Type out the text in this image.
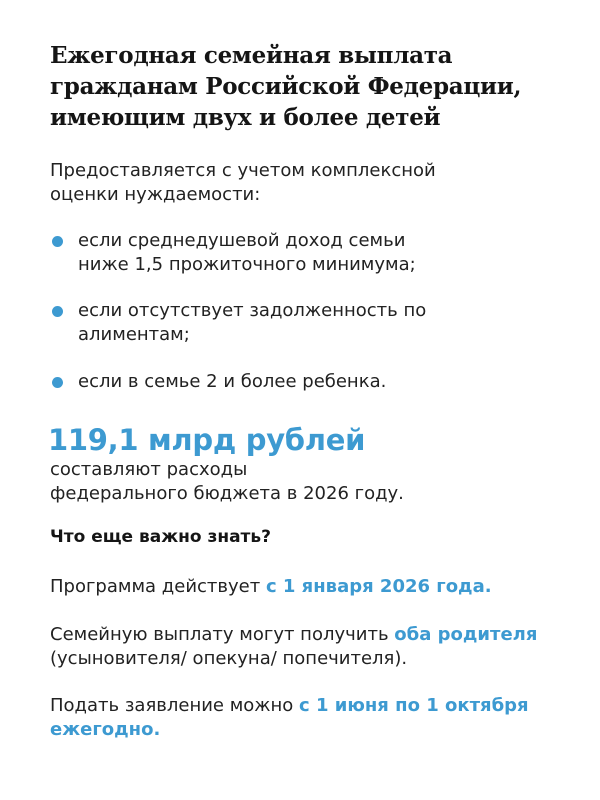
Ежегодная семейная выплата
гражданам Российской Федерации,
имеющим двух и более детей
Предоставляется с учетом комплексной
оценки нуждаемости:
если среднедушевой доход семьи
ниже 1,5 прожиточного минимума;
если отсутствует задолженность по
алиментам;
если в семье 2 и более ребенка.
119,1 млрд рублей
составляют расходы
федерального бюджета в 2026 году.
Что еще важно знать?
Программа действует с 1 января 2026 года.
Семейную выплату могут получить оба родителя
(усыновителя/ опекуна/ попечителя).
Подать заявление можно с 1 июня по 1 октября
ежегодно.
